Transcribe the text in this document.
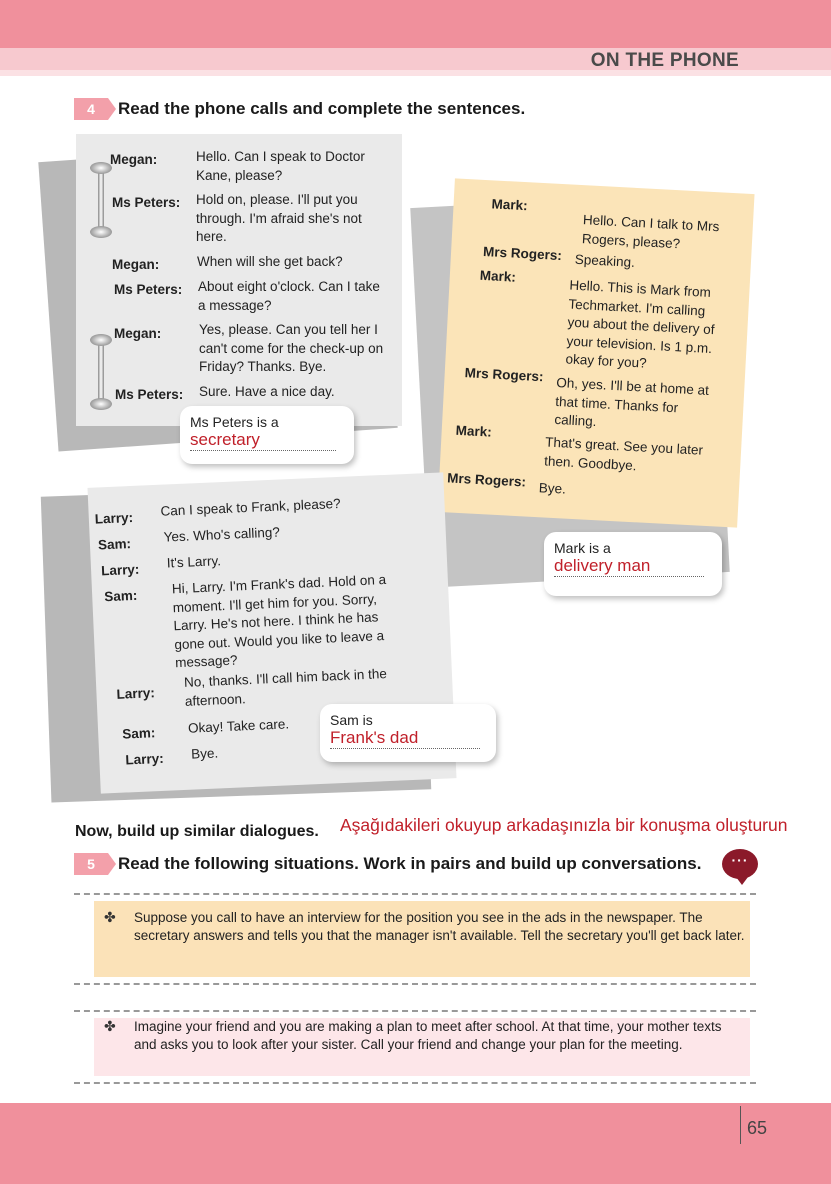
ON THE PHONE
4	Read the phone calls and complete the sentences.
Megan:	Hello. Can I speak to Doctor Kane, please?
Ms Peters: Hold on, please. I'll put you through. I'm afraid she's not here.
Megan:	When will she get back?
Ms Peters: About eight o'clock. Can I take a message?
Megan:	Yes, please. Can you tell her I can't come for the check-up on Friday? Thanks. Bye.
Ms Peters: Sure. Have a nice day.
Ms Peters is a
secretary
Mark:
Hello. Can I talk to Mrs Rogers, please?
Mrs Rogers: Speaking.
Mark:
Hello. This is Mark from Techmarket. I'm calling you about the delivery of your television. Is 1 p.m. okay for you?
Mrs Rogers:
Oh, yes. I'll be at home at that time. Thanks for calling.
Mark:
That's great. See you later then. Goodbye.
Mrs Rogers: Bye.
Mark is a
delivery man
Larry: Can I speak to Frank, please?
Sam: Yes. Who's calling?
Larry: It's Larry.
Sam:	Hi, Larry. I'm Frank's dad. Hold on a moment. I'll get him for you. Sorry, Larry. He's not here. I think he has gone out. Would you like to leave a message?
Larry:
No, thanks. I'll call him back in the afternoon.
Sam: Okay! Take care.
Larry: Bye.
Sam is
Frank's dad
Now, build up similar dialogues. Aşağıdakileri okuyup arkadaşınızla bir konuşma oluşturun
5	Read the following situations. Work in pairs and build up conversations.	···
✤ Suppose you call to have an interview for the position you see in the ads in the newspaper. The secretary answers and tells you that the manager isn't available. Tell the secretary you'll get back later.
✤ Imagine your friend and you are making a plan to meet after school. At that time, your mother texts and asks you to look after your sister. Call your friend and change your plan for the meeting.
65
